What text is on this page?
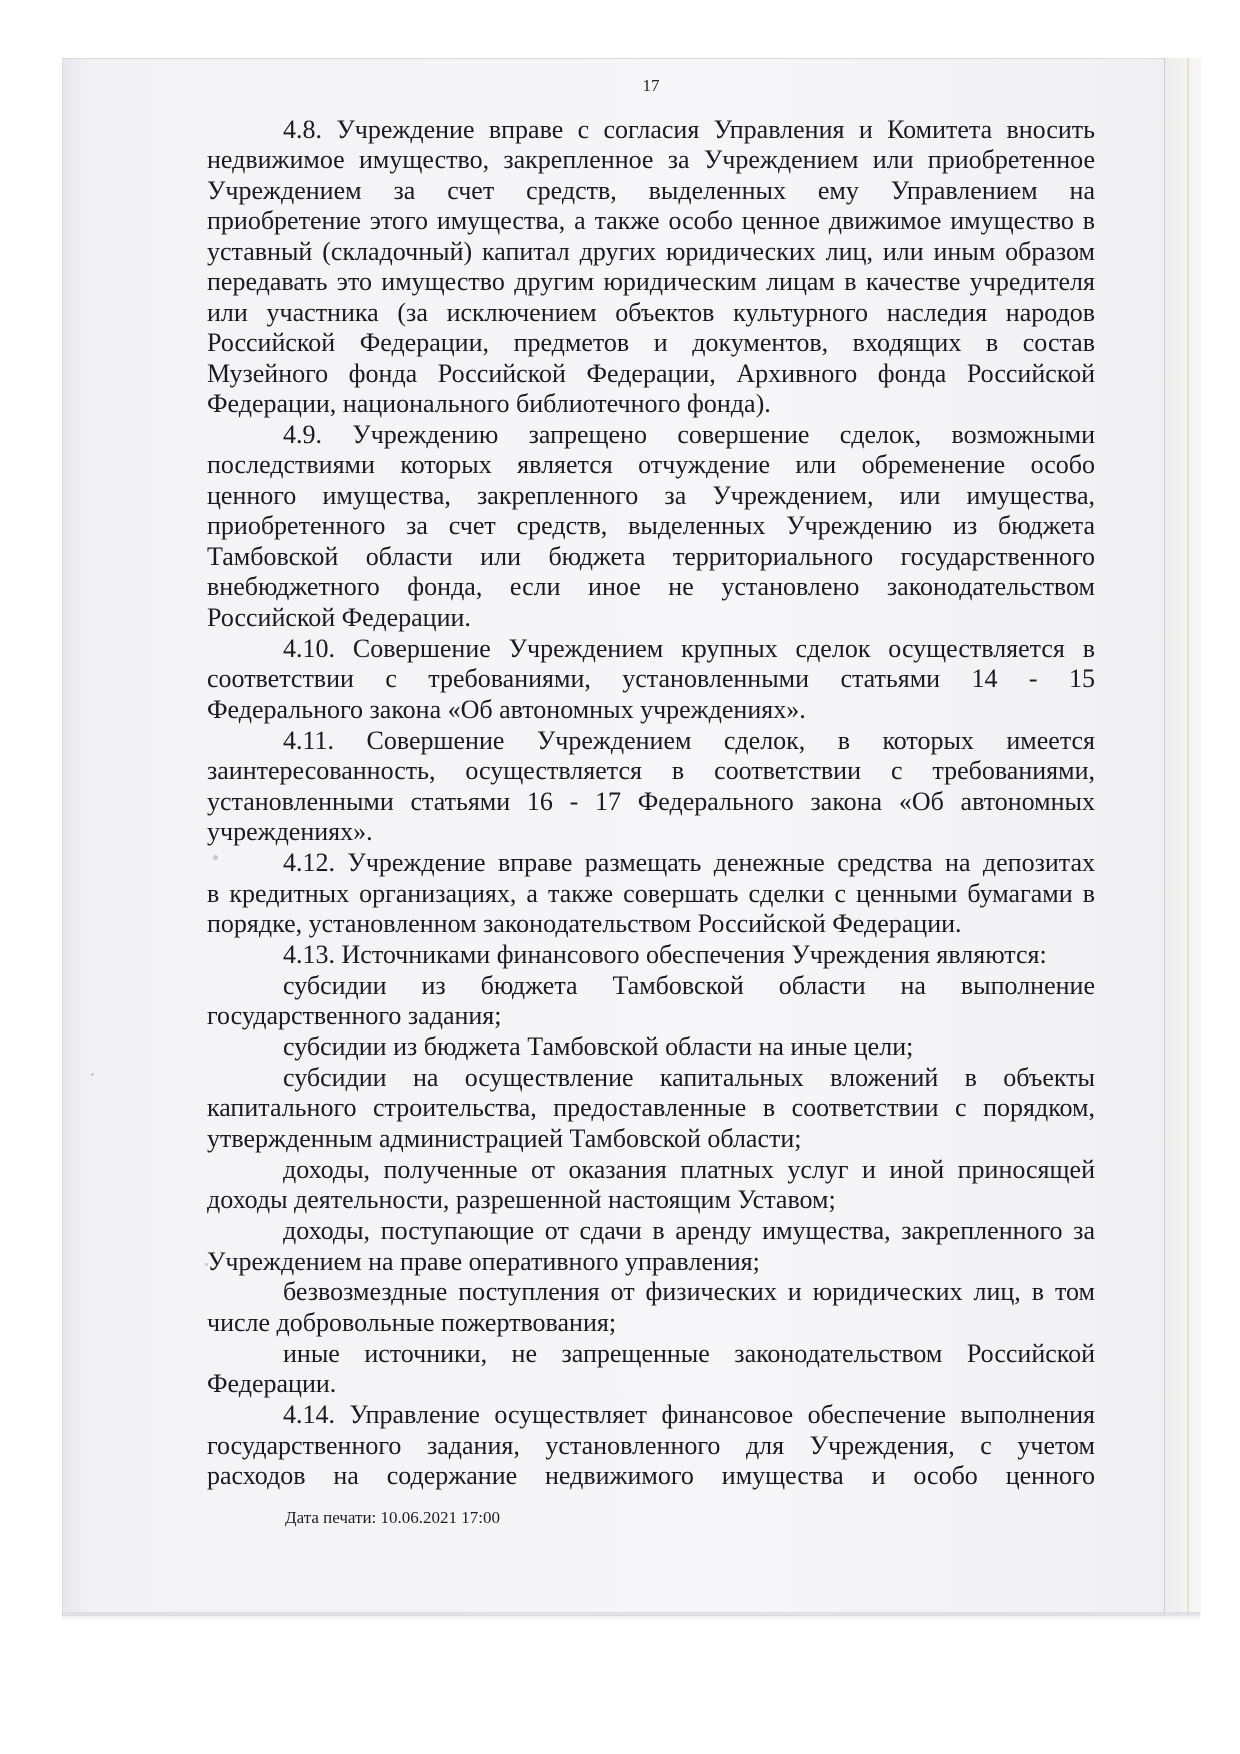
17
4.8. Учреждение вправе с согласия Управления и Комитета вносить
недвижимое имущество, закрепленное за Учреждением или приобретенное
Учреждением за счет средств, выделенных ему Управлением на
приобретение этого имущества, а также особо ценное движимое имущество в
уставный (складочный) капитал других юридических лиц, или иным образом
передавать это имущество другим юридическим лицам в качестве учредителя
или участника (за исключением объектов культурного наследия народов
Российской Федерации, предметов и документов, входящих в состав
Музейного фонда Российской Федерации, Архивного фонда Российской
Федерации, национального библиотечного фонда).
4.9. Учреждению запрещено совершение сделок, возможными
последствиями которых является отчуждение или обременение особо
ценного имущества, закрепленного за Учреждением, или имущества,
приобретенного за счет средств, выделенных Учреждению из бюджета
Тамбовской области или бюджета территориального государственного
внебюджетного фонда, если иное не установлено законодательством
Российской Федерации.
4.10. Совершение Учреждением крупных сделок осуществляется в
соответствии с требованиями, установленными статьями 14 - 15
Федерального закона «Об автономных учреждениях».
4.11. Совершение Учреждением сделок, в которых имеется
заинтересованность, осуществляется в соответствии с требованиями,
установленными статьями 16 - 17 Федерального закона «Об автономных
учреждениях».
4.12. Учреждение вправе размещать денежные средства на депозитах
в кредитных организациях, а также совершать сделки с ценными бумагами в
порядке, установленном законодательством Российской Федерации.
4.13. Источниками финансового обеспечения Учреждения являются:
субсидии из бюджета Тамбовской области на выполнение
государственного задания;
субсидии из бюджета Тамбовской области на иные цели;
субсидии на осуществление капитальных вложений в объекты
капитального строительства, предоставленные в соответствии с порядком,
утвержденным администрацией Тамбовской области;
доходы, полученные от оказания платных услуг и иной приносящей
доходы деятельности, разрешенной настоящим Уставом;
доходы, поступающие от сдачи в аренду имущества, закрепленного за
Учреждением на праве оперативного управления;
безвозмездные поступления от физических и юридических лиц, в том
числе добровольные пожертвования;
иные источники, не запрещенные законодательством Российской
Федерации.
4.14. Управление осуществляет финансовое обеспечение выполнения
государственного задания, установленного для Учреждения, с учетом
расходов на содержание недвижимого имущества и особо ценного
Дата печати: 10.06.2021 17:00
